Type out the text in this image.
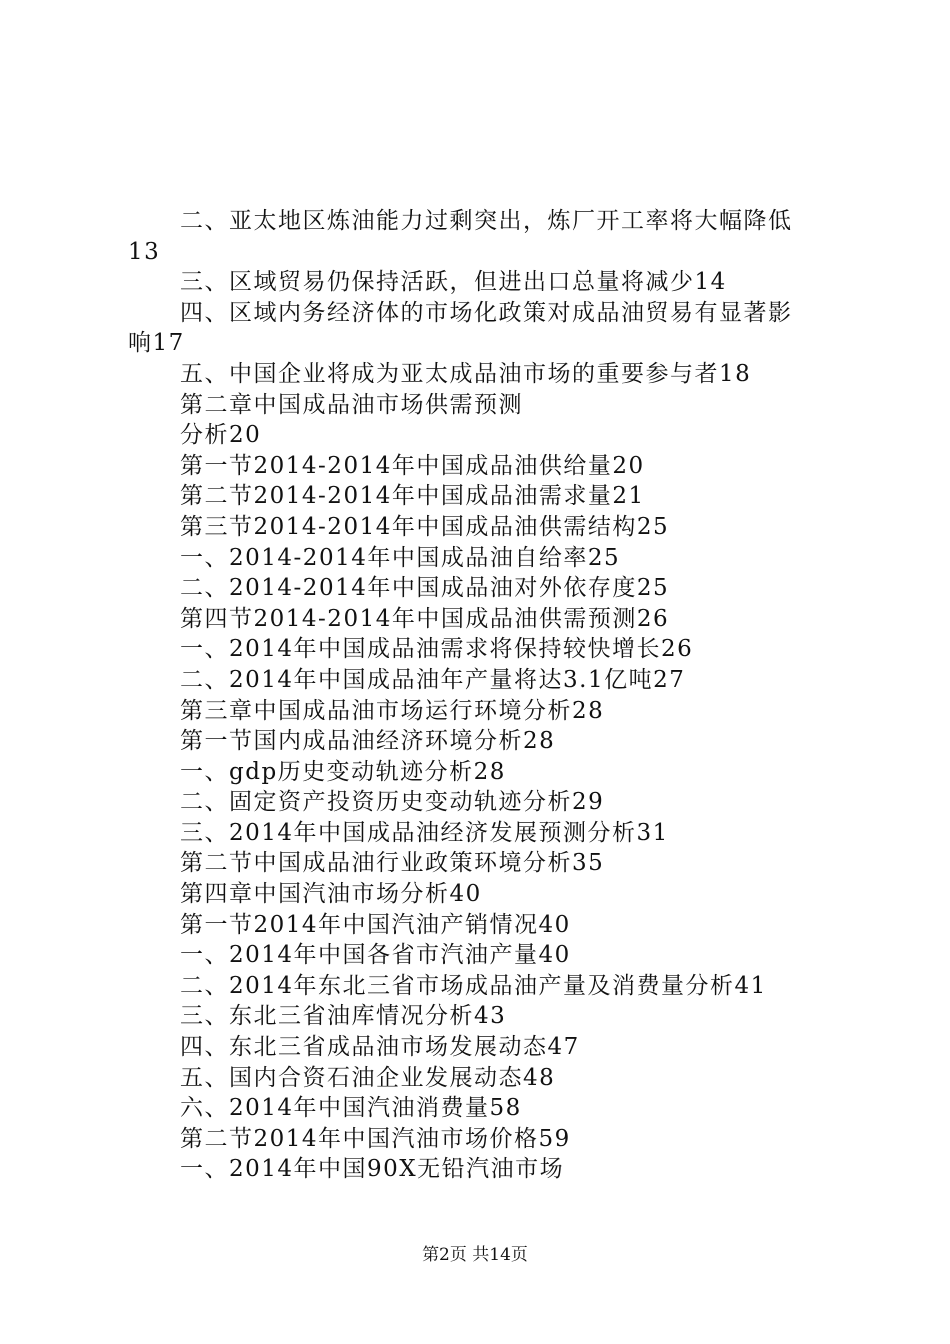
二、亚太地区炼油能力过剩突出，炼厂开工率将大幅降低
13
三、区域贸易仍保持活跃，但进出口总量将减少14
四、区域内务经济体的市场化政策对成品油贸易有显著影
响17
五、中国企业将成为亚太成品油市场的重要参与者18
第二章中国成品油市场供需预测
分析20
第一节2014-2014年中国成品油供给量20
第二节2014-2014年中国成品油需求量21
第三节2014-2014年中国成品油供需结构25
一、2014-2014年中国成品油自给率25
二、2014-2014年中国成品油对外依存度25
第四节2014-2014年中国成品油供需预测26
一、2014年中国成品油需求将保持较快增长26
二、2014年中国成品油年产量将达3.1亿吨27
第三章中国成品油市场运行环境分析28
第一节国内成品油经济环境分析28
一、gdp历史变动轨迹分析28
二、固定资产投资历史变动轨迹分析29
三、2014年中国成品油经济发展预测分析31
第二节中国成品油行业政策环境分析35
第四章中国汽油市场分析40
第一节2014年中国汽油产销情况40
一、2014年中国各省市汽油产量40
二、2014年东北三省市场成品油产量及消费量分析41
三、东北三省油库情况分析43
四、东北三省成品油市场发展动态47
五、国内合资石油企业发展动态48
六、2014年中国汽油消费量58
第二节2014年中国汽油市场价格59
一、2014年中国90X无铅汽油市场
第2页 共14页
